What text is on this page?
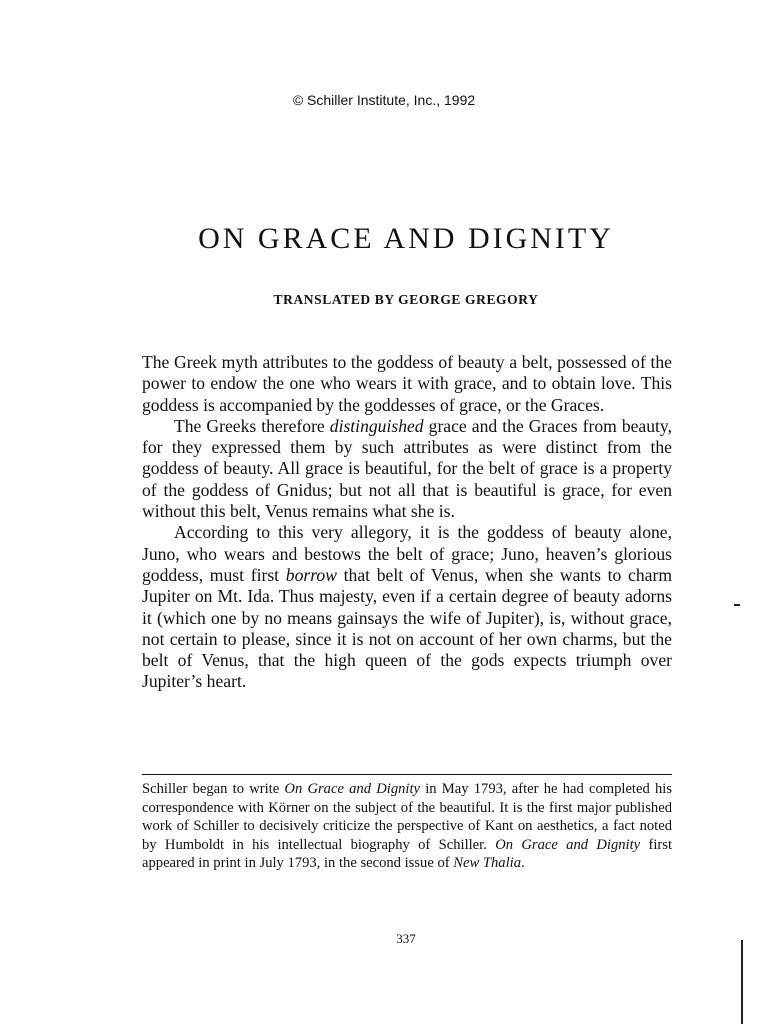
© Schiller Institute, Inc., 1992
ON GRACE AND DIGNITY
TRANSLATED BY GEORGE GREGORY

The Greek myth attributes to the goddess of beauty a belt, possessed of the power to endow the one who wears it with grace, and to obtain love. This goddess is accompanied by the goddesses of grace, or the Graces.

The Greeks therefore distinguished grace and the Graces from beauty, for they expressed them by such attributes as were distinct from the goddess of beauty. All grace is beautiful, for the belt of grace is a property of the goddess of Gnidus; but not all that is beautiful is grace, for even without this belt, Venus remains what she is.

According to this very allegory, it is the goddess of beauty alone, Juno, who wears and bestows the belt of grace; Juno, heaven’s glorious goddess, must first borrow that belt of Venus, when she wants to charm Jupiter on Mt. Ida. Thus majesty, even if a certain degree of beauty adorns it (which one by no means gainsays the wife of Jupiter), is, without grace, not certain to please, since it is not on account of her own charms, but the belt of Venus, that the high queen of the gods expects triumph over Jupiter’s heart.

Schiller began to write On Grace and Dignity in May 1793, after he had completed his correspondence with Körner on the subject of the beautiful. It is the first major published work of Schiller to decisively criticize the perspective of Kant on aesthetics, a fact noted by Humboldt in his intellectual biography of Schiller. On Grace and Dignity first appeared in print in July 1793, in the second issue of New Thalia.

337
